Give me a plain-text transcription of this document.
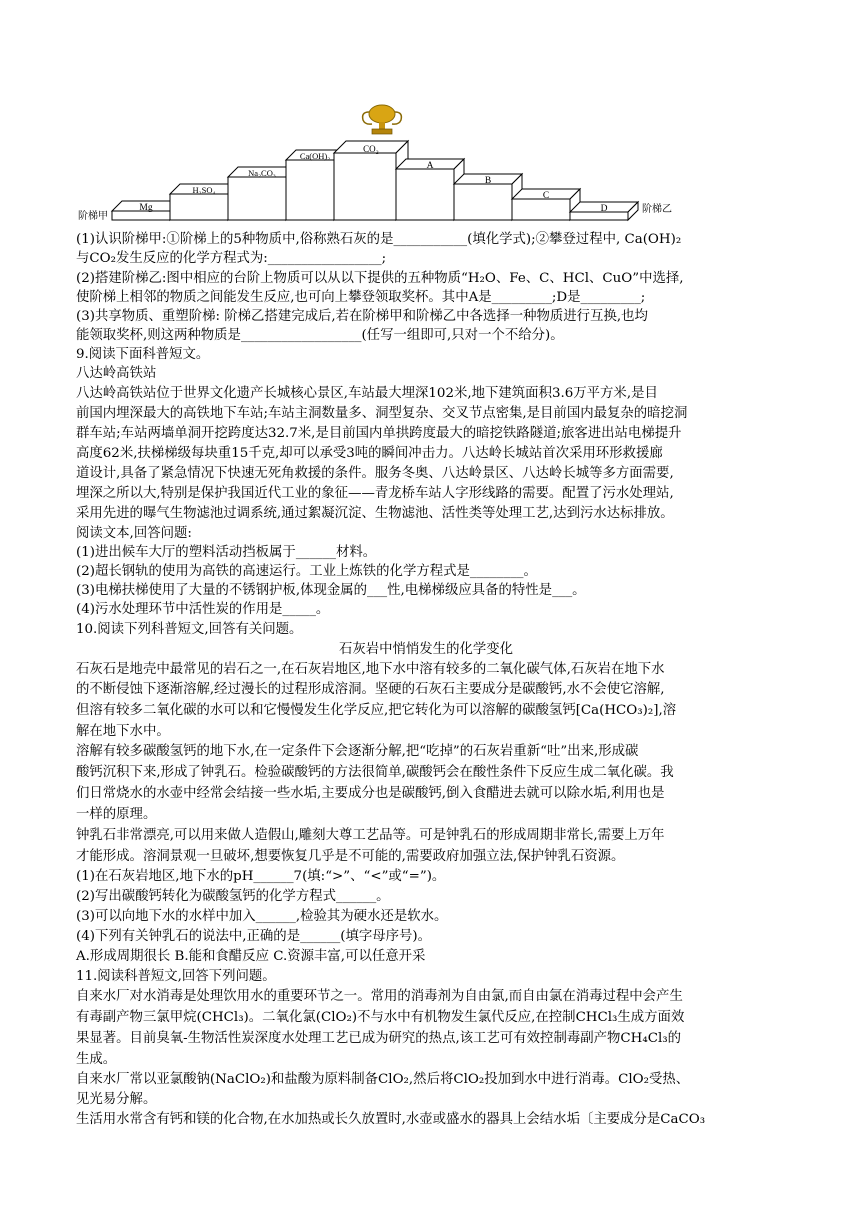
Mg
H₂SO₄
Na₂CO₃
Ca(OH)₂
CO₂
A
B
C
D
阶梯甲
阶梯乙
(1)认识阶梯甲:①阶梯上的5种物质中,俗称熟石灰的是___________(填化学式);②攀登过程中, Ca(OH)₂
与CO₂发生反应的化学方程式为:_________________;
(2)搭建阶梯乙:图中相应的台阶上物质可以从以下提供的五种物质“H₂O、Fe、C、HCl、CuO”中选择,
使阶梯上相邻的物质之间能发生反应,也可向上攀登领取奖杯。其中A是_________;D是_________;
(3)共享物质、重塑阶梯: 阶梯乙搭建完成后,若在阶梯甲和阶梯乙中各选择一种物质进行互换,也均
能领取奖杯,则这两种物质是__________________(任写一组即可,只对一个不给分)。
9.阅读下面科普短文。
八达岭高铁站
八达岭高铁站位于世界文化遗产长城核心景区,车站最大埋深102米,地下建筑面积3.6万平方米,是目
前国内埋深最大的高铁地下车站;车站主洞数量多、洞型复杂、交叉节点密集,是目前国内最复杂的暗挖洞
群车站;车站两墙单洞开挖跨度达32.7米,是目前国内单拱跨度最大的暗挖铁路隧道;旅客进出站电梯提升
高度62米,扶梯梯级每块重15千克,却可以承受3吨的瞬间冲击力。八达岭长城站首次采用环形救援廊
道设计,具备了紧急情况下快速无死角救援的条件。服务冬奥、八达岭景区、八达岭长城等多方面需要,
埋深之所以大,特别是保护我国近代工业的象征——青龙桥车站人字形线路的需要。配置了污水处理站,
采用先进的曝气生物滤池过调系统,通过絮凝沉淀、生物滤池、活性类等处理工艺,达到污水达标排放。
阅读文本,回答问题:
(1)进出候车大厅的塑料活动挡板属于______材料。
(2)超长钢轨的使用为高铁的高速运行。工业上炼铁的化学方程式是________。
(3)电梯扶梯使用了大量的不锈钢护板,体现金属的___性,电梯梯级应具备的特性是___。
(4)污水处理环节中活性炭的作用是_____。
10.阅读下列科普短文,回答有关问题。
石灰岩中悄悄发生的化学变化
石灰石是地壳中最常见的岩石之一,在石灰岩地区,地下水中溶有较多的二氧化碳气体,石灰岩在地下水
的不断侵蚀下逐渐溶解,经过漫长的过程形成溶洞。坚硬的石灰石主要成分是碳酸钙,水不会使它溶解,
但溶有较多二氧化碳的水可以和它慢慢发生化学反应,把它转化为可以溶解的碳酸氢钙[Ca(HCO₃)₂],溶
解在地下水中。
溶解有较多碳酸氢钙的地下水,在一定条件下会逐渐分解,把“吃掉”的石灰岩重新“吐”出来,形成碳
酸钙沉积下来,形成了钟乳石。检验碳酸钙的方法很简单,碳酸钙会在酸性条件下反应生成二氧化碳。我
们日常烧水的水壶中经常会结接一些水垢,主要成分也是碳酸钙,倒入食醋进去就可以除水垢,利用也是
一样的原理。
钟乳石非常漂亮,可以用来做人造假山,雕刻大尊工艺品等。可是钟乳石的形成周期非常长,需要上万年
才能形成。溶洞景观一旦破坏,想要恢复几乎是不可能的,需要政府加强立法,保护钟乳石资源。
(1)在石灰岩地区,地下水的pH______7(填:“>”、“<”或“=”)。
(2)写出碳酸钙转化为碳酸氢钙的化学方程式______。
(3)可以向地下水的水样中加入______,检验其为硬水还是软水。
(4)下列有关钟乳石的说法中,正确的是______(填字母序号)。
A.形成周期很长 B.能和食醋反应 C.资源丰富,可以任意开采
11.阅读科普短文,回答下列问题。
自来水厂对水消毒是处理饮用水的重要环节之一。常用的消毒剂为自由氯,而自由氯在消毒过程中会产生
有毒副产物三氯甲烷(CHCl₃)。二氧化氯(ClO₂)不与水中有机物发生氯代反应,在控制CHCl₃生成方面效
果显著。目前臭氧-生物活性炭深度水处理工艺已成为研究的热点,该工艺可有效控制毒副产物CH₄Cl₃的
生成。
自来水厂常以亚氯酸钠(NaClO₂)和盐酸为原料制备ClO₂,然后将ClO₂投加到水中进行消毒。ClO₂受热、
见光易分解。
生活用水常含有钙和镁的化合物,在水加热或长久放置时,水壶或盛水的器具上会结水垢〔主要成分是CaCO₃
